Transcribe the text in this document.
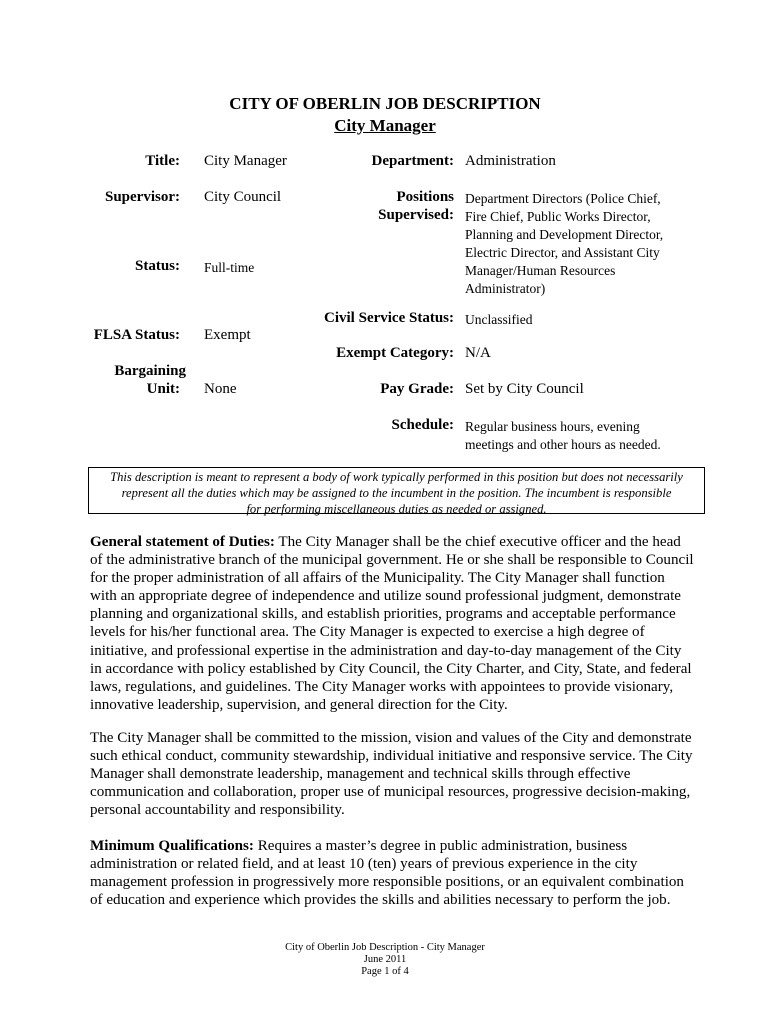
CITY OF OBERLIN JOB DESCRIPTION
City Manager
Title: City Manager
Supervisor: City Council
Status: Full-time
FLSA Status: Exempt
Bargaining
Unit: None
Department: Administration
Positions
Supervised:
Department Directors (Police Chief,
Fire Chief, Public Works Director,
Planning and Development Director,
Electric Director, and Assistant City
Manager/Human Resources
Administrator)
Civil Service Status: Unclassified
Exempt Category: N/A
Pay Grade: Set by City Council
Schedule: Regular business hours, evening
meetings and other hours as needed.
This description is meant to represent a body of work typically performed in this position but does not necessarily
represent all the duties which may be assigned to the incumbent in the position. The incumbent is responsible
for performing miscellaneous duties as needed or assigned.
General statement of Duties: The City Manager shall be the chief executive officer and the head of the administrative branch of the municipal government. He or she shall be responsible to Council for the proper administration of all affairs of the Municipality. The City Manager shall function with an appropriate degree of independence and utilize sound professional judgment, demonstrate planning and organizational skills, and establish priorities, programs and acceptable performance levels for his/her functional area. The City Manager is expected to exercise a high degree of initiative, and professional expertise in the administration and day-to-day management of the City in accordance with policy established by City Council, the City Charter, and City, State, and federal laws, regulations, and guidelines. The City Manager works with appointees to provide visionary, innovative leadership, supervision, and general direction for the City.
The City Manager shall be committed to the mission, vision and values of the City and demonstrate such ethical conduct, community stewardship, individual initiative and responsive service. The City Manager shall demonstrate leadership, management and technical skills through effective communication and collaboration, proper use of municipal resources, progressive decision-making, personal accountability and responsibility.
Minimum Qualifications: Requires a master’s degree in public administration, business administration or related field, and at least 10 (ten) years of previous experience in the city management profession in progressively more responsible positions, or an equivalent combination of education and experience which provides the skills and abilities necessary to perform the job.
City of Oberlin Job Description - City Manager
June 2011
Page 1 of 4
